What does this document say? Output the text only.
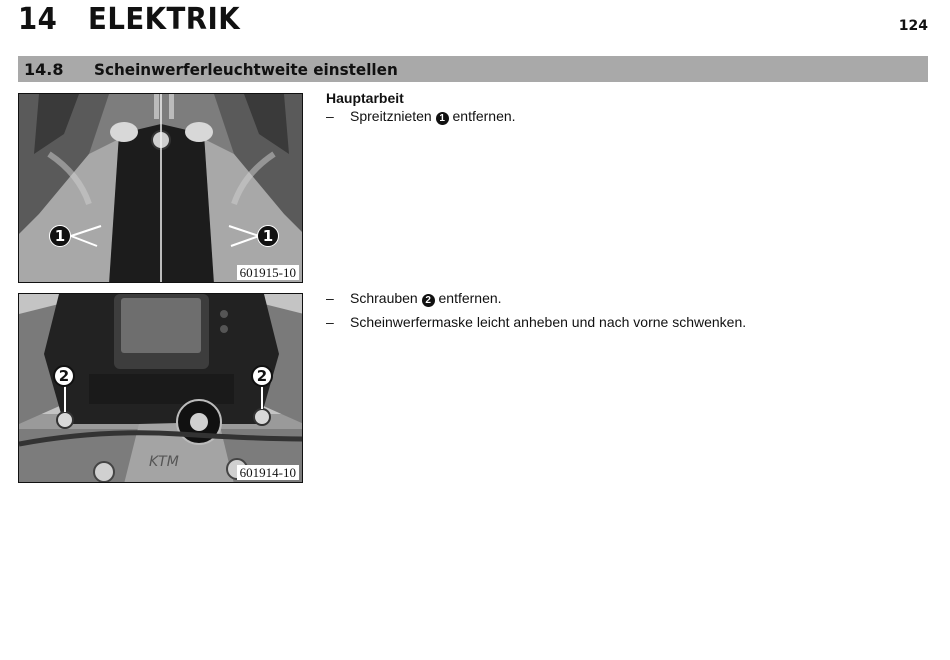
14 ELEKTRIK	124
14.8 Scheinwerferleuchtweite einstellen
1	1
601915-10
KTM
2	2
601914-10
Hauptarbeit
– Spreitznieten 1 entfernen.
– Schrauben 2 entfernen.
– Scheinwerfermaske leicht anheben und nach vorne schwenken.
